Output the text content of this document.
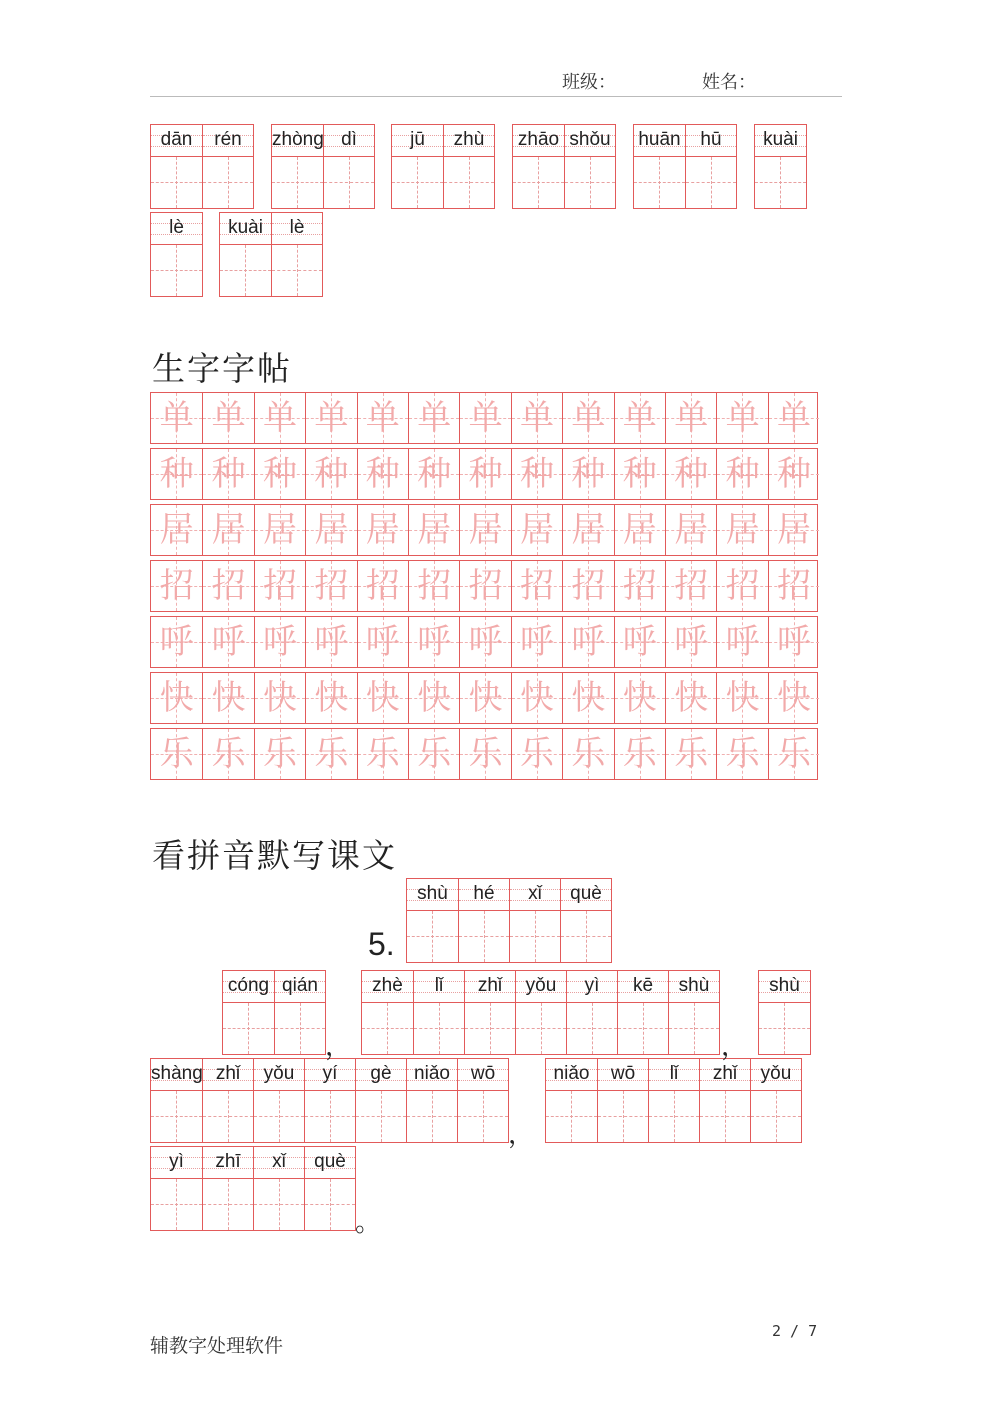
班级：	姓名：
dān	rén	zhòng dì	jū	zhù	zhāo shǒu huān	hū	kuài
lè	kuài	lè
生字字帖
单 单 单 单 单 单 单 单 单 单 单 单 单
种 种 种 种 种 种 种 种 种 种 种 种 种
居 居 居 居 居 居 居 居 居 居 居 居 居
招 招 招 招 招 招 招 招 招 招 招 招 招
呼 呼 呼 呼 呼 呼 呼 呼 呼 呼 呼 呼 呼
快 快 快 快 快 快 快 快 快 快 快 快 快
乐 乐 乐 乐 乐 乐 乐 乐 乐 乐 乐 乐 乐
看拼音默写课文
5.
shù	hé	xǐ	què
cóng qián	zhè	lǐ	zhǐ	yǒu	yì	kē	shù	shù
shàng zhǐ	yǒu	yí	gè	niǎo	wō	niǎo	wō	lǐ	zhǐ	yǒu
yì	zhī	xǐ	què
，	，
，
。
辅教字处理软件
2 / 7
